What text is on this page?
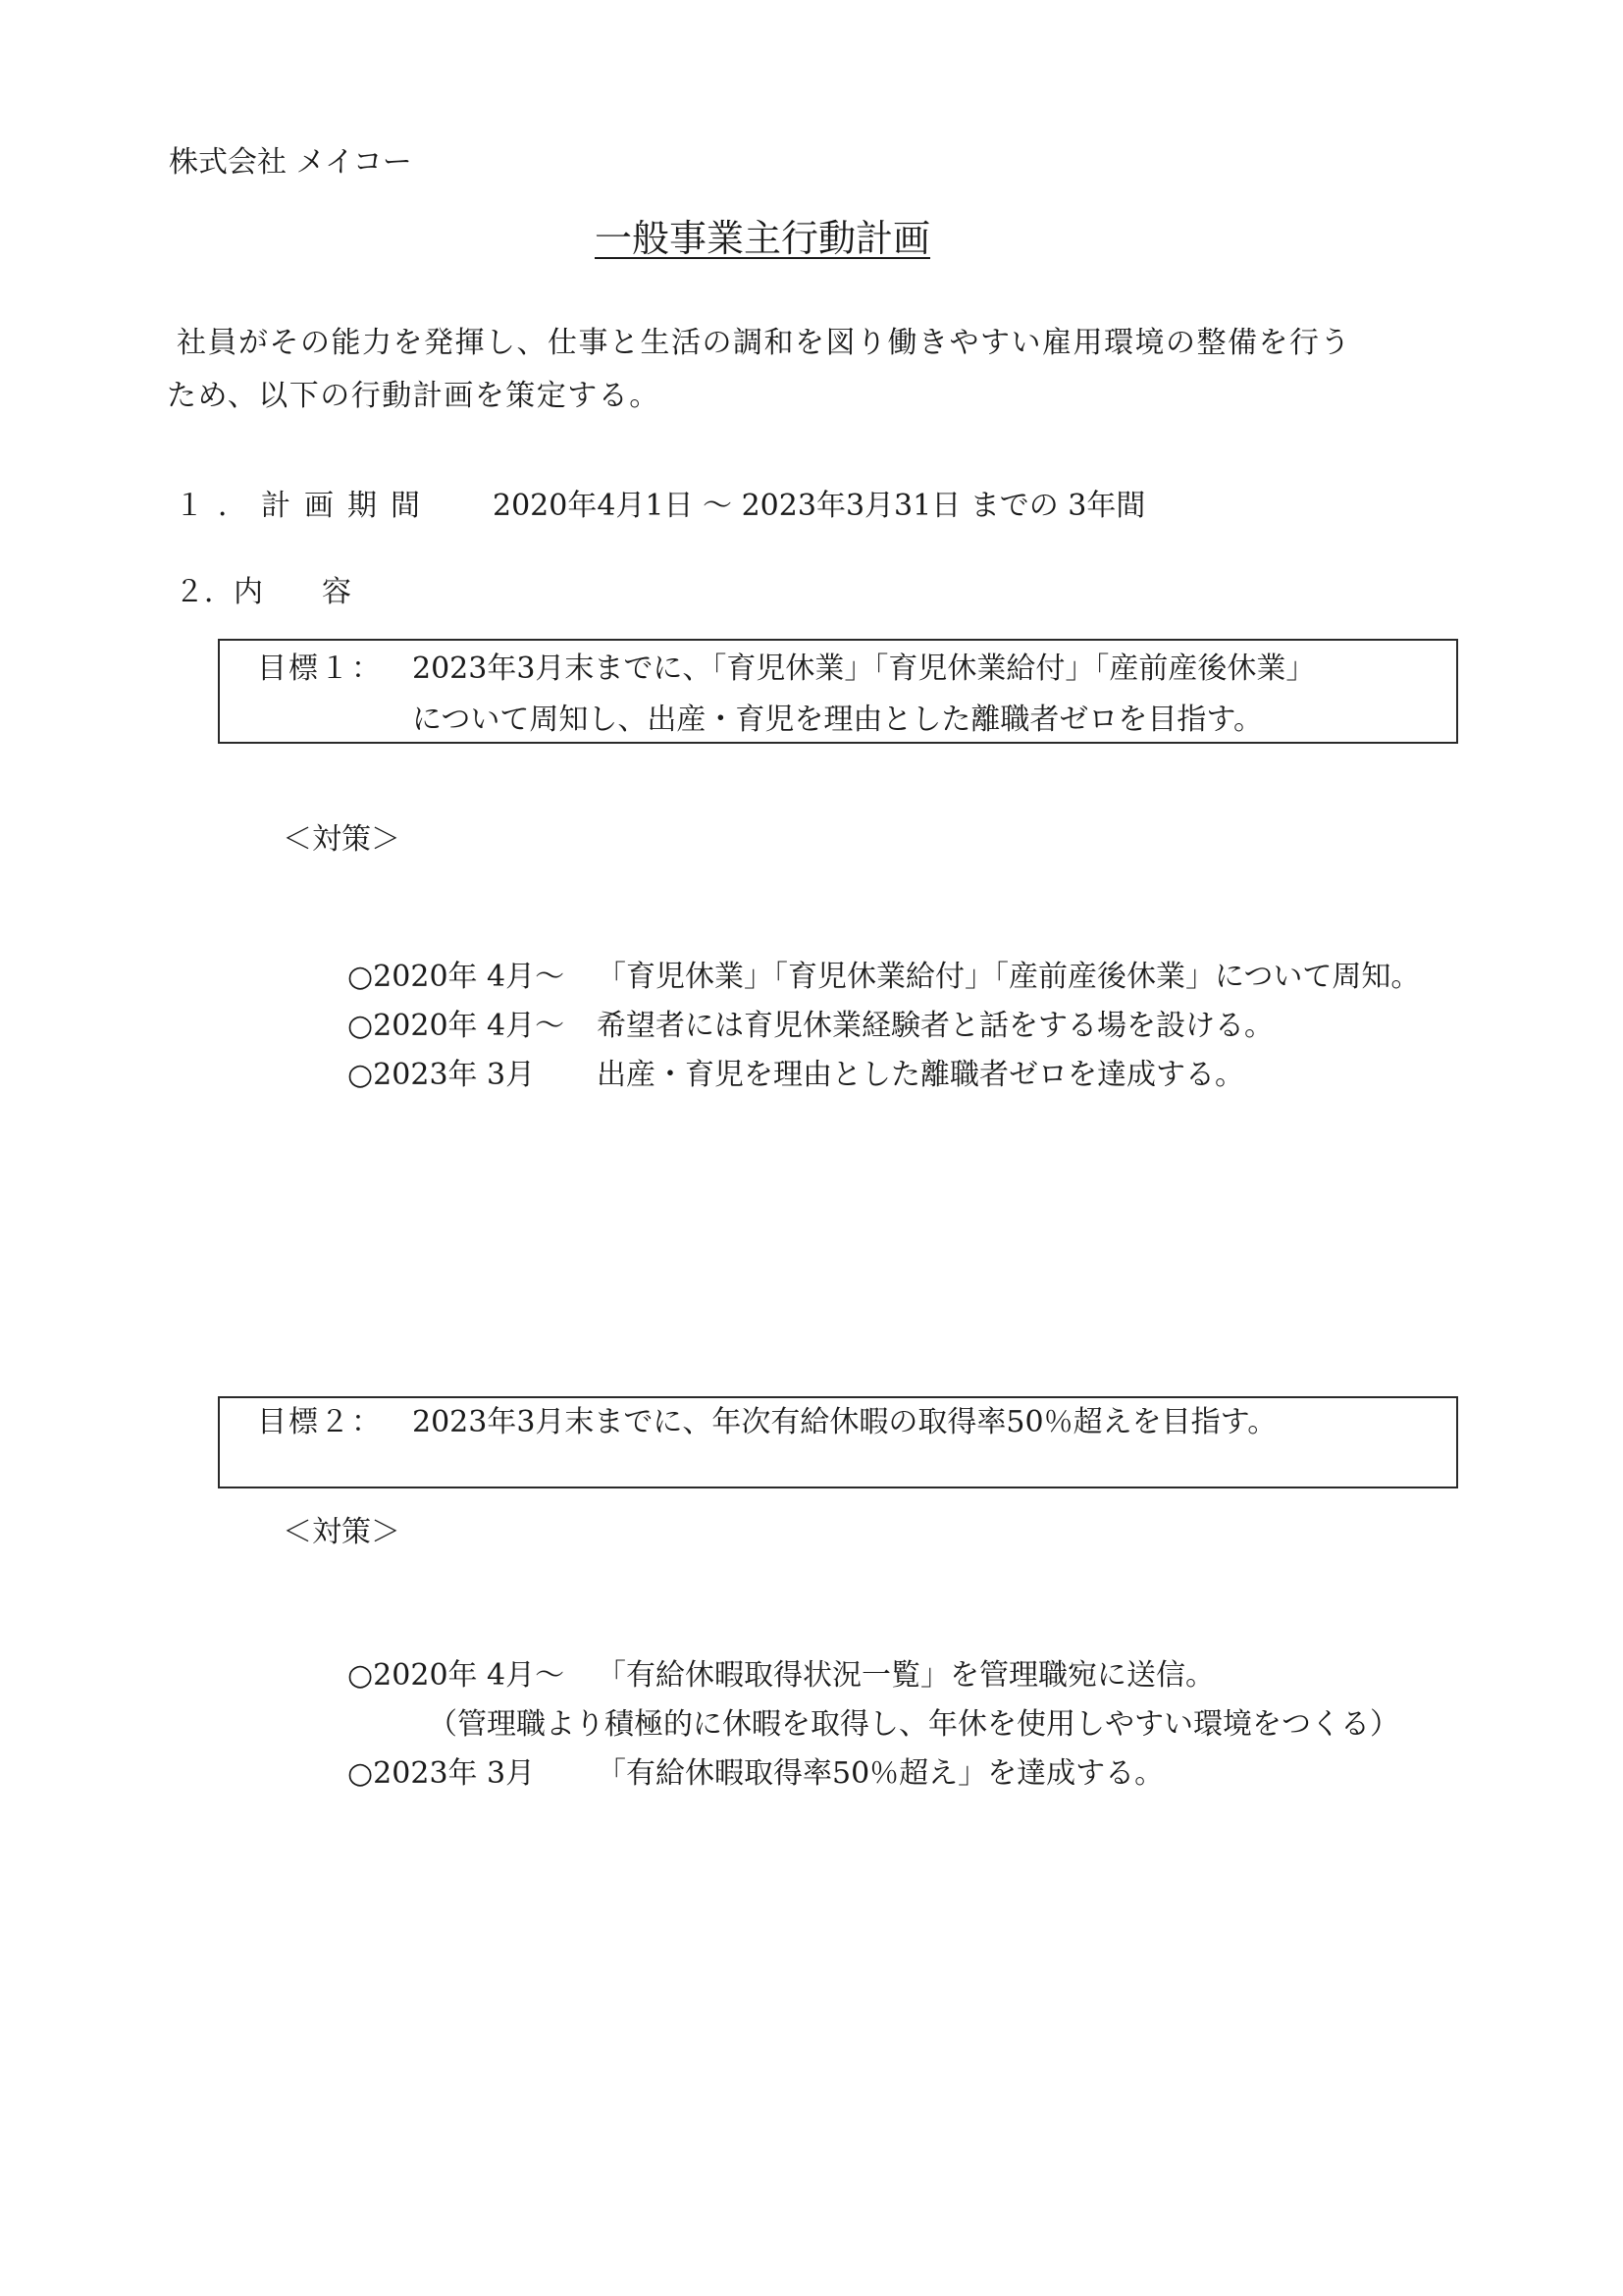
株式会社 メイコー
一般事業主行動計画
社員がその能力を発揮し、仕事と生活の調和を図り働きやすい雇用環境の整備を行う
ため、以下の行動計画を策定する。
１．計画期間 2020年4月1日 ～ 2023年3月31日 までの 3年間
２．内　　容
目標１： 2023年3月末までに、「育児休業」「育児休業給付」「産前産後休業」
について周知し、出産・育児を理由とした離職者ゼロを目指す。
＜対策＞
○2020年 4月～ 「育児休業」「育児休業給付」「産前産後休業」について周知。
○2020年 4月～ 希望者には育児休業経験者と話をする場を設ける。
○2023年 3月 出産・育児を理由とした離職者ゼロを達成する。
目標２： 2023年3月末までに、年次有給休暇の取得率50％超えを目指す。
＜対策＞
○2020年 4月～ 「有給休暇取得状況一覧」を管理職宛に送信。
（管理職より積極的に休暇を取得し、年休を使用しやすい環境をつくる）
○2023年 3月 「有給休暇取得率50％超え」を達成する。
